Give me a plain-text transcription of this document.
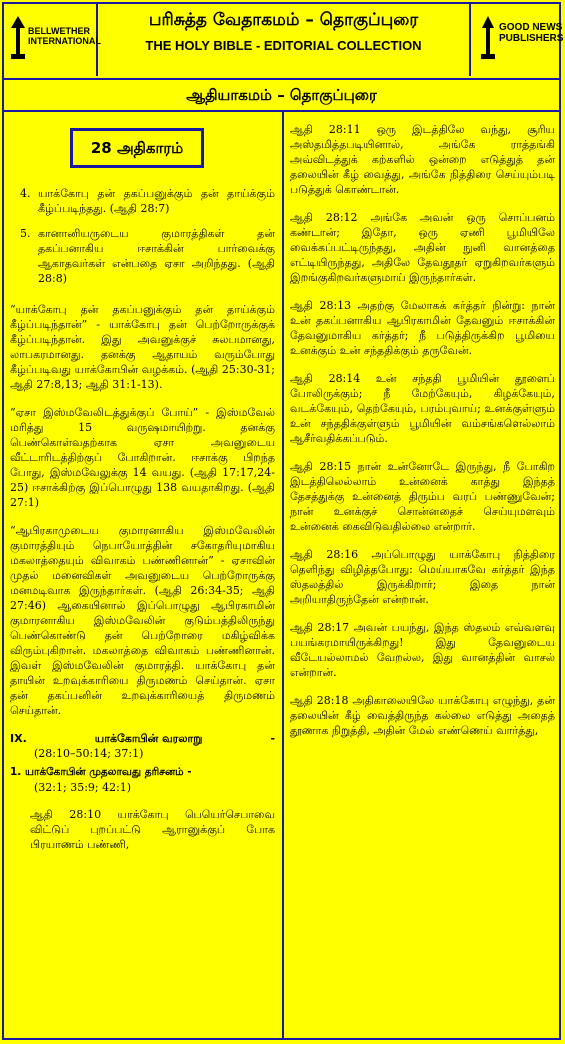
BELLWETHER INTERNATIONAL
பரிசுத்த வேதாகமம் – தொகுப்புரை
THE HOLY BIBLE - EDITORIAL COLLECTION
GOOD NEWS PUBLISHERS
ஆதியாகமம் – தொகுப்புரை
28 அதிகாரம்
4. யாக்கோபு தன் தகப்பனுக்கும் தன் தாய்க்கும் கீழ்ப்படிந்தது. (ஆதி 28:7)
5. கானானியருடைய குமாரத்திகள் தன் தகப்பனாகிய ஈசாக்கின் பார்வைக்கு ஆகாதவர்கள் என்பதை ஏசா அறிந்தது. (ஆதி 28:8)

“யாக்கோபு தன் தகப்பனுக்கும் தன் தாய்க்கும் கீழ்ப்படிந்தான்” - யாக்கோபு தன் பெற்றோருக்குக் கீழ்ப்படிந்தான். இது அவனுக்குச் சுலபமானது, லாபகரமானது. தனக்கு ஆதாயம் வரும்போது கீழ்ப்படிவது யாக்கோபின் வழக்கம். (ஆதி 25:30-31; ஆதி 27:8,13; ஆதி 31:1-13).

“ஏசா இஸ்மவேலிடத்துக்குப் போய்” - இஸ்மவேல் மரித்து 15 வருஷமாயிற்று. தனக்கு பெண்கொள்வதற்காக ஏசா அவனுடைய வீட்டாரிடத்திற்குப் போகிறான். ஈசாக்கு பிறந்த போது, இஸ்மவேலுக்கு 14 வயது. (ஆதி 17:17,24-25) ஈசாக்கிற்கு இப்பொழுது 138 வயதாகிறது. (ஆதி 27:1)

“ஆபிரகாமுடைய குமாரனாகிய இஸ்மவேலின் குமாரத்தியும் நெபாயோத்தின் சகோதரியுமாகிய மகலாத்தையும் விவாகம் பண்ணினான்” - ஏசாவின் முதல் மனைவிகள் அவனுடைய பெற்றோருக்கு மனமடிவாக இருந்தார்கள். (ஆதி 26:34-35; ஆதி 27:46) ஆகையினால் இப்பொழுது ஆபிரகாமின் குமாரனாகிய இஸ்மவேலின் குடும்பத்திலிருந்து பெண்கொண்டு தன் பெற்றோரை மகிழ்விக்க விரும்புகிறான். மகலாத்தை விவாகம் பண்ணினான். இவள் இஸ்மவேலின் குமாரத்தி. யாக்கோபு தன் தாயின் உறவுக்காரியை திருமணம் செய்தான். ஏசா தன் தகப்பனின் உறவுக்காரியைத் திருமணம் செய்தான்.

IX.	யாக்கோபின் வரலாறு	-
(28:10–50:14; 37:1)
1. யாக்கோபின் முதலாவது தரிசனம் -
(32:1; 35:9; 42:1)

ஆதி 28:10 யாக்கோபு பெயெர்செபாவை விட்டுப் புறப்பட்டு ஆரானுக்குப் போக பிரயாணம் பண்ணி,

ஆதி 28:11 ஒரு இடத்திலே வந்து, சூரிய அஸ்தமித்தபடியினால், அங்கே ராத்தங்கி அவ்விடத்துக் கற்களில் ஒன்றை எடுத்துத் தன் தலையின் கீழ் வைத்து, அங்கே நித்திரை செய்யும்படி படுத்துக் கொண்டான்.

ஆதி 28:12 அங்கே அவன் ஒரு சொப்பனம் கண்டான்; இதோ, ஒரு ஏணி பூமியிலே வைக்கப்பட்டிருந்தது, அதின் நுனி வானத்தை எட்டியிருந்தது, அதிலே தேவதூதர் ஏறுகிறவர்களும் இறங்குகிறவர்களுமாய் இருந்தார்கள்.

ஆதி 28:13 அதற்கு மேலாகக் கர்த்தர் நின்று: நான் உன் தகப்பனாகிய ஆபிரகாமின் தேவனும் ஈசாக்கின் தேவனுமாகிய கர்த்தர்; நீ படுத்திருக்கிற பூமியை உனக்கும் உன் சந்ததிக்கும் தருவேன்.

ஆதி 28:14 உன் சந்ததி பூமியின் தூளைப் போலிருக்கும்; நீ மேற்கேயும், கிழக்கேயும், வடக்கேயும், தெற்கேயும், பரம்புவாய்; உனக்குள்ளும் உன் சந்ததிக்குள்ளும் பூமியின் வம்சங்களெல்லாம் ஆசீர்வதிக்கப்படும்.

ஆதி 28:15 நான் உன்னோடே இருந்து, நீ போகிற இடத்திலெல்லாம் உன்னைக் காத்து இந்தத் தேசத்துக்கு உன்னைத் திரும்ப வரப் பண்ணுவேன்; நான் உனக்குச் சொன்னதைச் செய்யுமளவும் உன்னைக் கைவிடுவதில்லை என்றார்.

ஆதி 28:16 அப்பொழுது யாக்கோபு நித்திரை தெளிந்து விழித்தபோது: மெய்யாகவே கர்த்தர் இந்த ஸ்தலத்தில் இருக்கிறார்; இதை நான் அறியாதிருந்தேன் என்றான்.

ஆதி 28:17 அவன் பயந்து, இந்த ஸ்தலம் எவ்வளவு பயங்கரமாயிருக்கிறது! இது தேவனுடைய வீடேயல்லாமல் வேறல்ல, இது வானத்தின் வாசல் என்றான்.

ஆதி 28:18 அதிகாலையிலே யாக்கோபு எழுந்து, தன் தலையின் கீழ் வைத்திருந்த கல்லை எடுத்து அதைத் தூணாக நிறுத்தி, அதின் மேல் எண்ணெய் வார்த்து,
